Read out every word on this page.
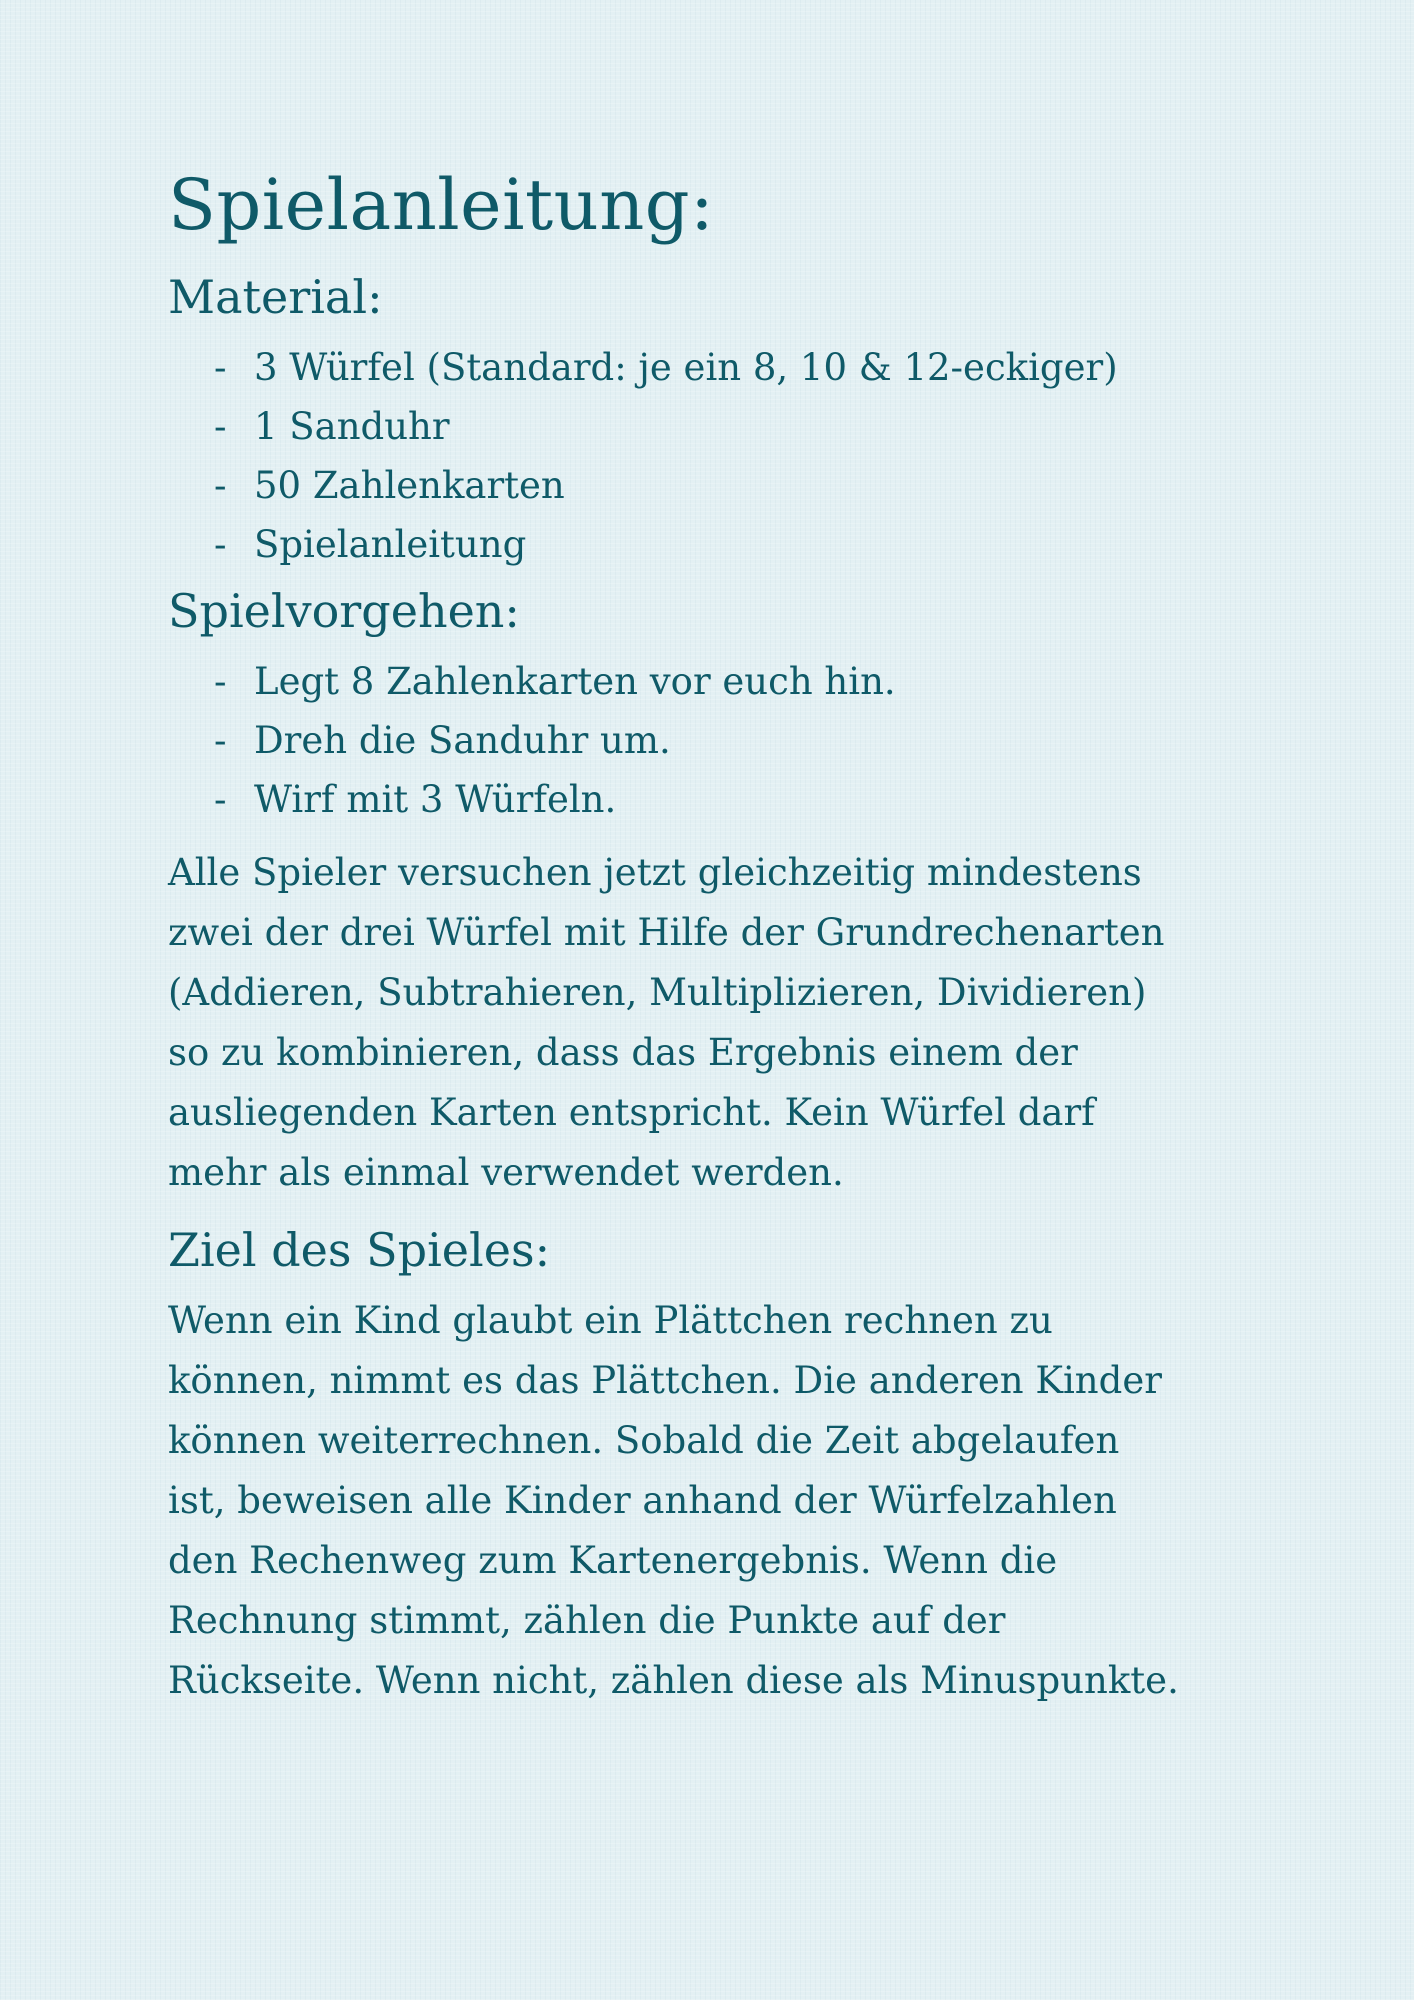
Spielanleitung:
Material:
- 3 Würfel (Standard: je ein 8, 10 & 12-eckiger)
- 1 Sanduhr
- 50 Zahlenkarten
- Spielanleitung
Spielvorgehen:
- Legt 8 Zahlenkarten vor euch hin.
- Dreh die Sanduhr um.
- Wirf mit 3 Würfeln.
Alle Spieler versuchen jetzt gleichzeitig mindestens
zwei der drei Würfel mit Hilfe der Grundrechenarten
(Addieren, Subtrahieren, Multiplizieren, Dividieren)
so zu kombinieren, dass das Ergebnis einem der
ausliegenden Karten entspricht. Kein Würfel darf
mehr als einmal verwendet werden.
Ziel des Spieles:
Wenn ein Kind glaubt ein Plättchen rechnen zu
können, nimmt es das Plättchen. Die anderen Kinder
können weiterrechnen. Sobald die Zeit abgelaufen
ist, beweisen alle Kinder anhand der Würfelzahlen
den Rechenweg zum Kartenergebnis. Wenn die
Rechnung stimmt, zählen die Punkte auf der
Rückseite. Wenn nicht, zählen diese als Minuspunkte.
